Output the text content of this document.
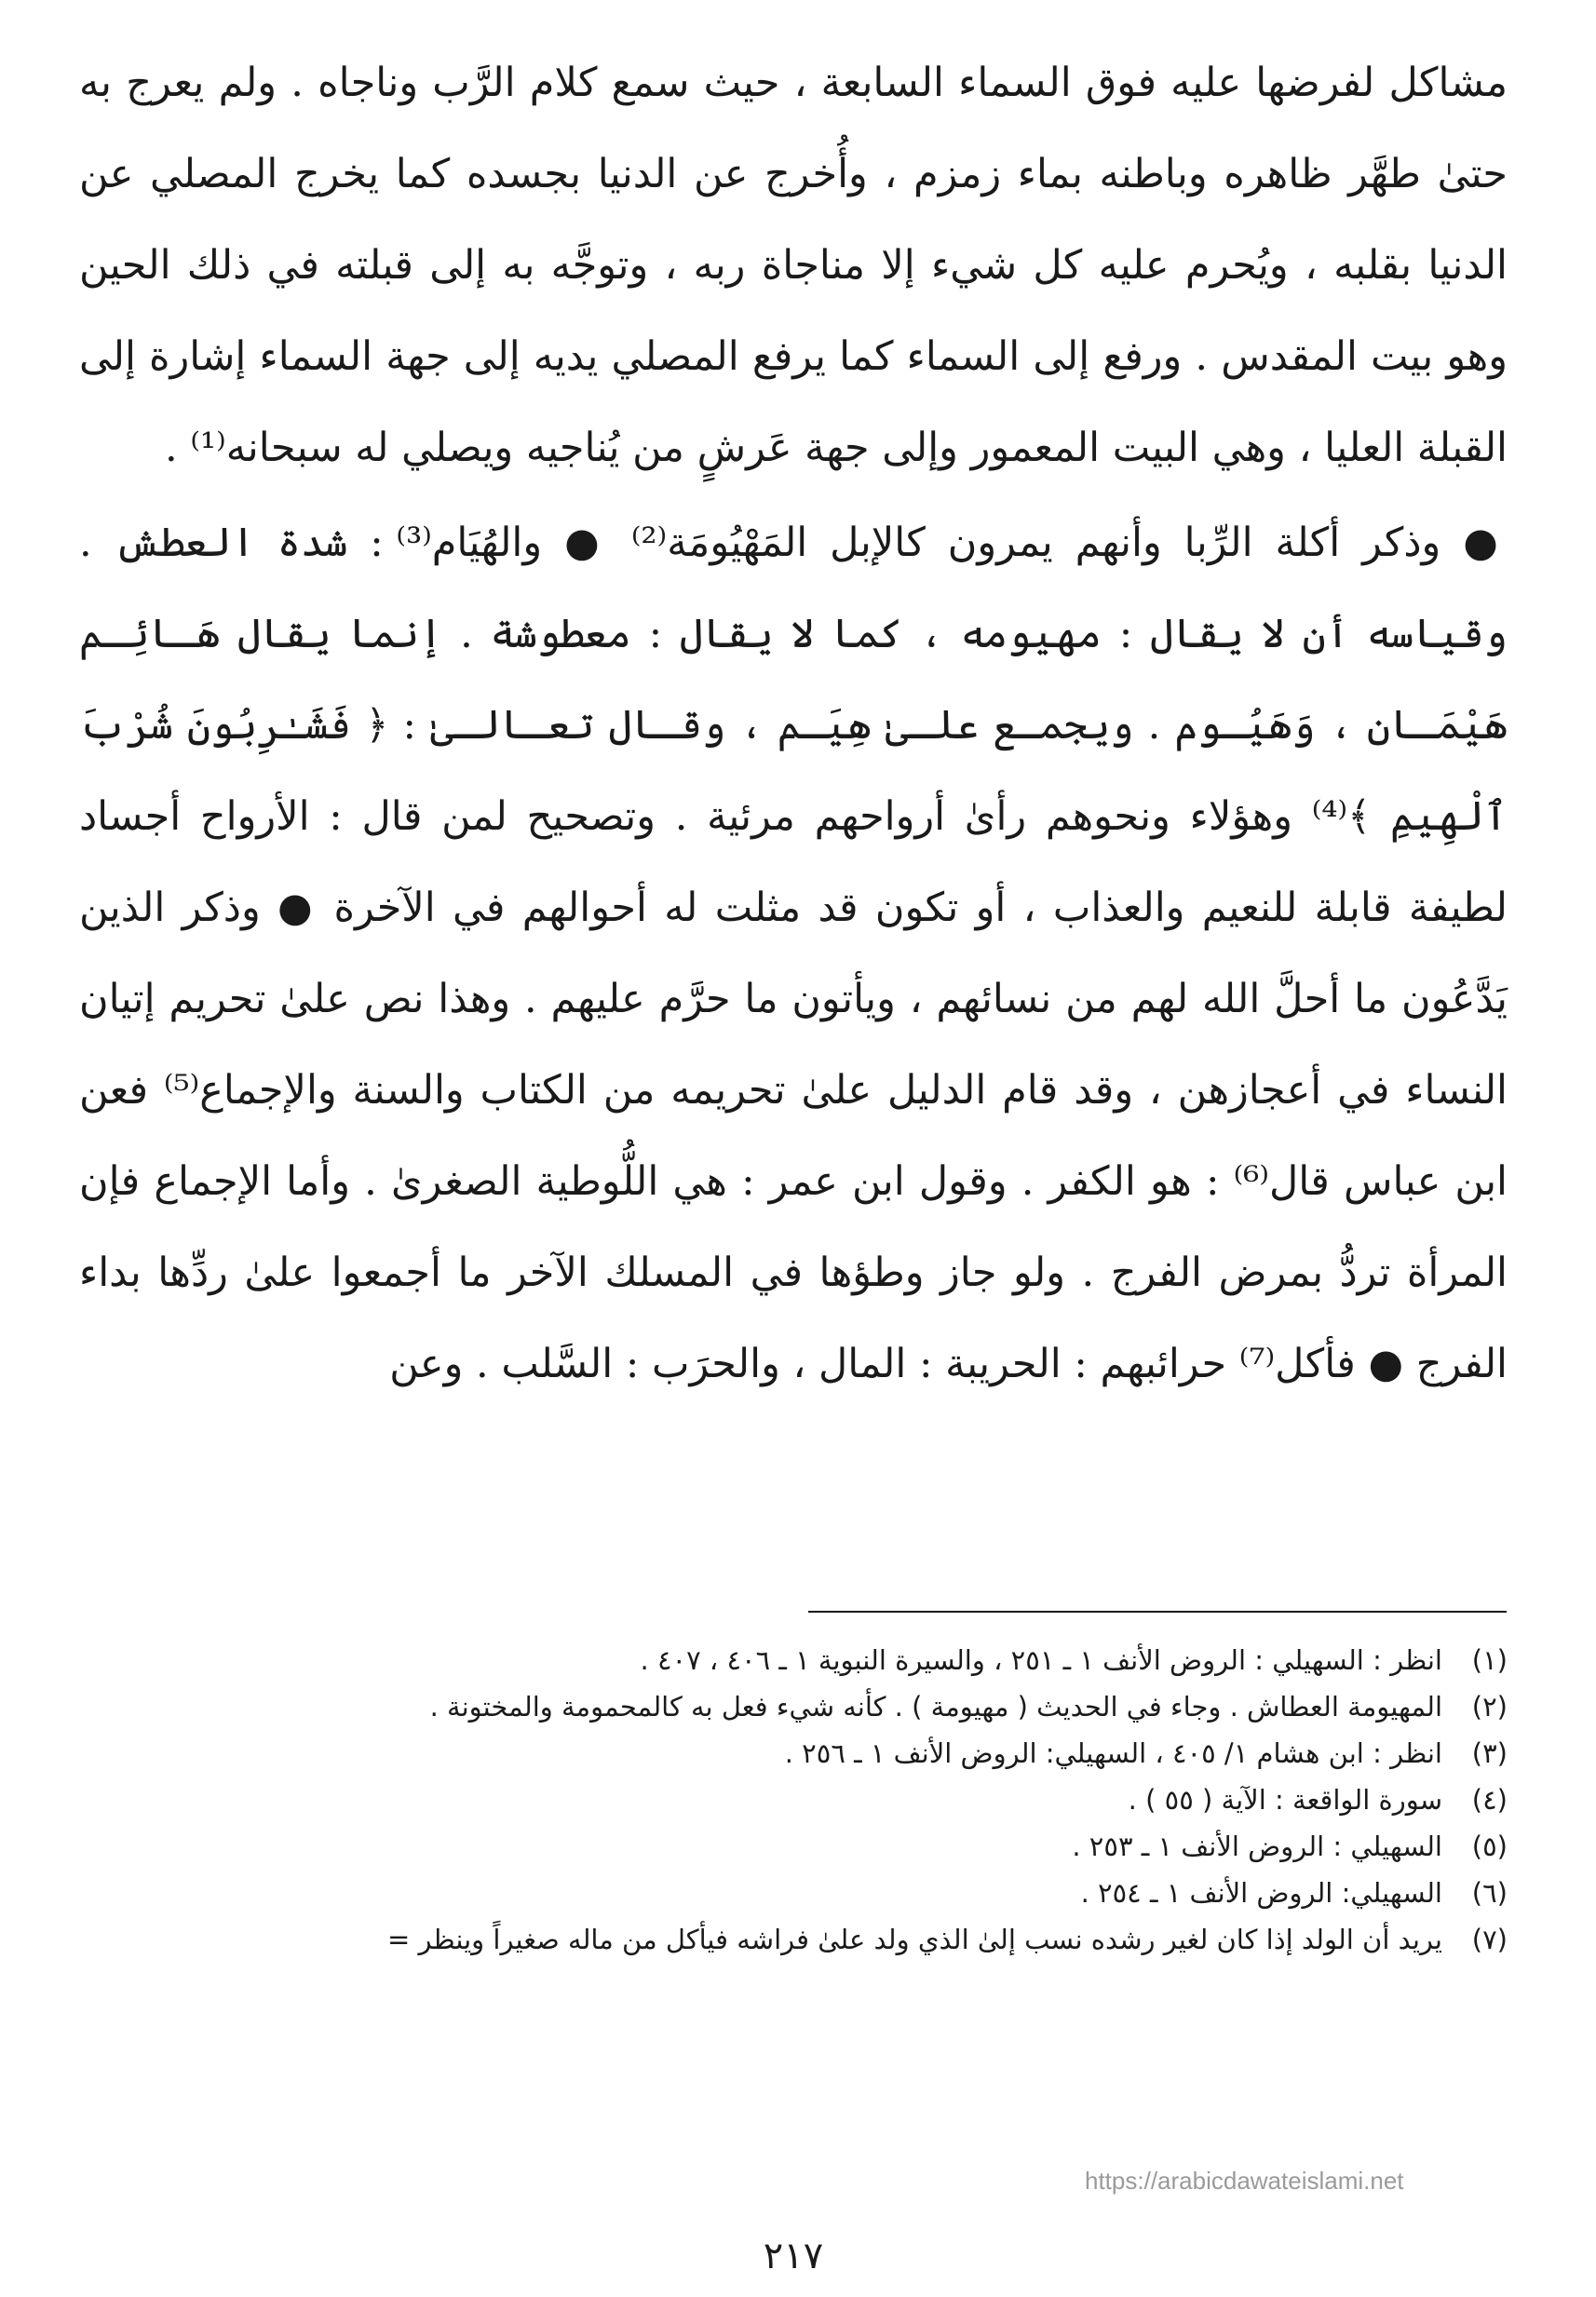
مشاكل لفرضها عليه فوق السماء السابعة ، حيث سمع كلام الرَّب وناجاه . ولم يعرج به حتىٰ طهَّر ظاهره وباطنه بماء زمزم ، وأُخرج عن الدنيا بجسده كما يخرج المصلي عن الدنيا بقلبه ، ويُحرم عليه كل شيء إلا مناجاة ربه ، وتوجَّه به إلى قبلته في ذلك الحين وهو بيت المقدس . ورفع إلى السماء كما يرفع المصلي يديه إلى جهة السماء إشارة إلى القبلة العليا ، وهي البيت المعمور وإلى جهة عَرشٍ من يُناجيه ويصلي له سبحانه⁽¹⁾ .

● وذكر أكلة الرِّبا وأنهم يمرون كالإبل المَهْيُومَة⁽²⁾ ● والهُيَام⁽³⁾ : شدة العطش . وقياسه أن لا يقال : مهيومه ، كما لا يقال : معطوشة . إنما يقال هَـائِـم هَيْمَـان ، وَهَيُـوم . ويجمـع علـىٰ هِيَـم ، وقـال تعـالـىٰ : ﴿ فَشَـٰرِبُونَ شُرْبَ ٱلْهِيمِ ﴾⁽⁴⁾ وهؤلاء ونحوهم رأىٰ أرواحهم مرئية . وتصحيح لمن قال : الأرواح أجساد لطيفة قابلة للنعيم والعذاب ، أو تكون قد مثلت له أحوالهم في الآخرة ● وذكر الذين يَدَّعُون ما أحلَّ الله لهم من نسائهم ، ويأتون ما حرَّم عليهم . وهذا نص علىٰ تحريم إتيان النساء في أعجازهن ، وقد قام الدليل علىٰ تحريمه من الكتاب والسنة والإجماع⁽⁵⁾ فعن ابن عباس قال⁽⁶⁾ : هو الكفر . وقول ابن عمر : هي اللُّوطية الصغرىٰ . وأما الإجماع فإن المرأة تردُّ بمرض الفرج . ولو جاز وطؤها في المسلك الآخر ما أجمعوا علىٰ ردِّها بداء الفرج ● فأكل⁽⁷⁾ حرائبهم : الحريبة : المال ، والحرَب : السَّلب . وعن

(١)
انظر : السهيلي : الروض الأنف ١ ـ ٢٥١ ، والسيرة النبوية ١ ـ ٤٠٦ ، ٤٠٧ .
(٢)
المهيومة العطاش . وجاء في الحديث ( مهيومة ) . كأنه شيء فعل به كالمحمومة والمختونة .
(٣)
انظر : ابن هشام ١/ ٤٠٥ ، السهيلي: الروض الأنف ١ ـ ٢٥٦ .
(٤)
سورة الواقعة : الآية ( ٥٥ ) .
(٥)
السهيلي : الروض الأنف ١ ـ ٢٥٣ .
(٦)
السهيلي: الروض الأنف ١ ـ ٢٥٤ .
(٧)
يريد أن الولد إذا كان لغير رشده نسب إلىٰ الذي ولد علىٰ فراشه فيأكل من ماله صغيراً وينظر =
٢١٧
https://arabicdawateislami.net
